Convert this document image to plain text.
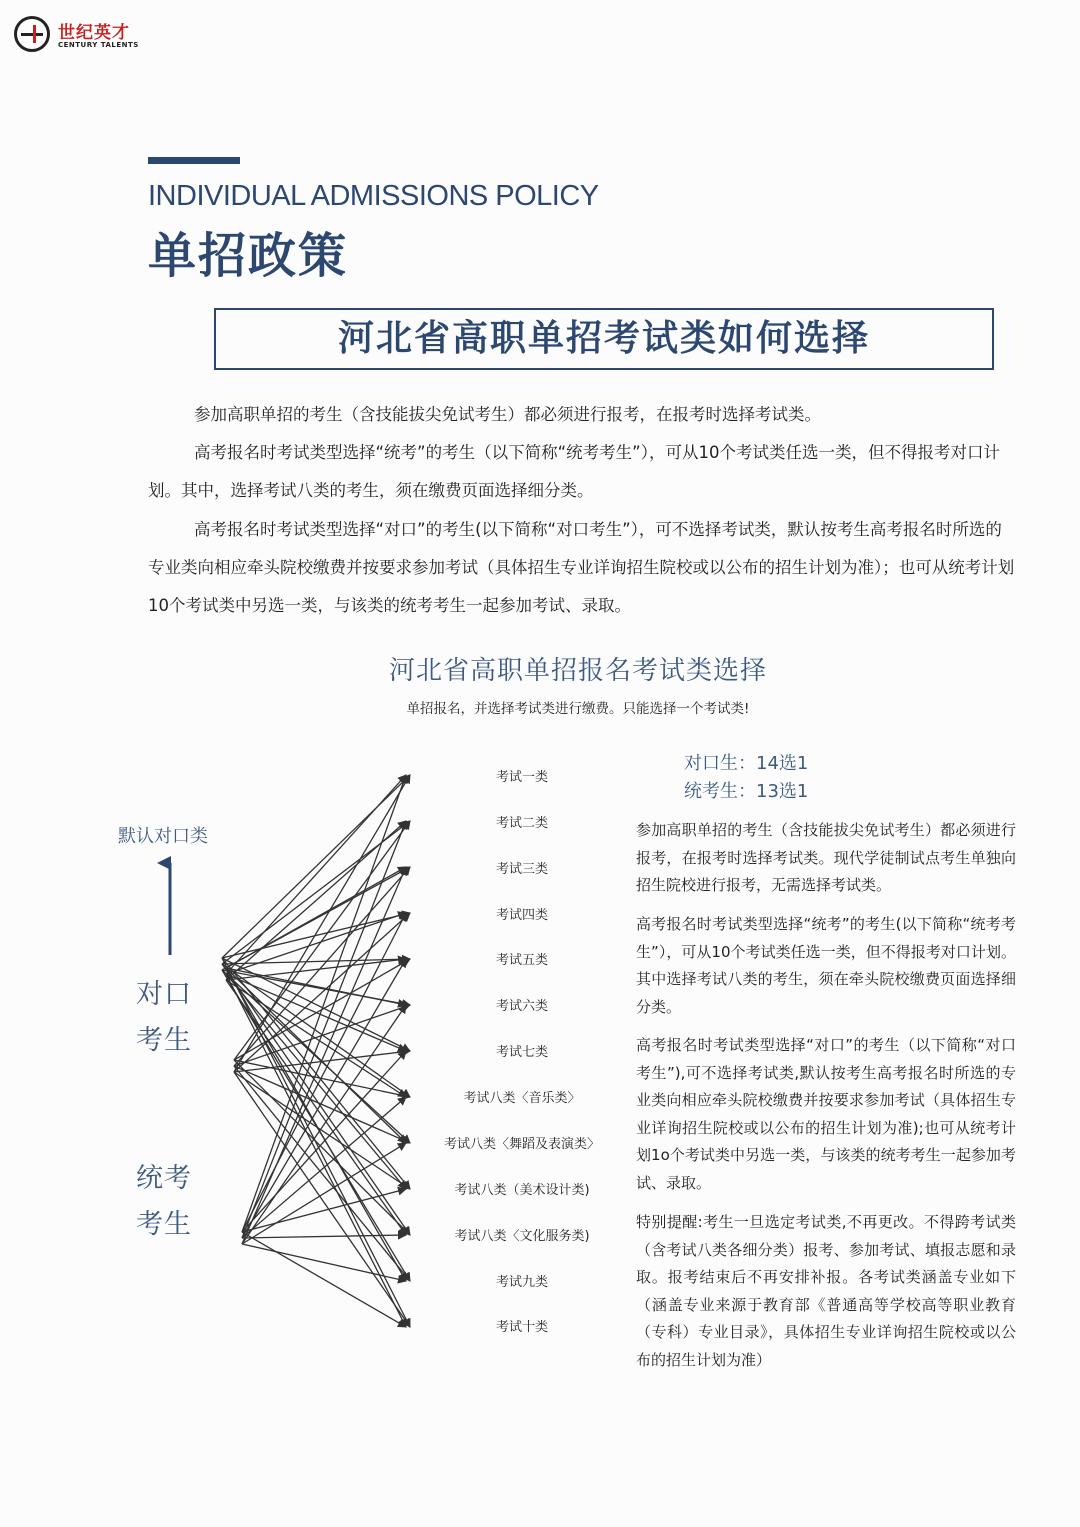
世纪英才
CENTURY TALENTS
INDIVIDUAL ADMISSIONS POLICY
单招政策
河北省高职单招考试类如何选择
参加高职单招的考生（含技能拔尖免试考生）都必须进行报考，在报考时选择考试类。
高考报名时考试类型选择“统考”的考生（以下简称“统考考生”），可从10个考试类任选一类，但不得报考对口计划。其中，选择考试八类的考生，须在缴费页面选择细分类。
高考报名时考试类型选择“对口”的考生(以下简称“对口考生”），可不选择考试类，默认按考生高考报名时所选的专业类向相应牵头院校缴费并按要求参加考试（具体招生专业详询招生院校或以公布的招生计划为准）；也可从统考计划10个考试类中另选一类，与该类的统考考生一起参加考试、录取。
河北省高职单招报名考试类选择
单招报名，并选择考试类进行缴费。只能选择一个考试类!
默认对口类
对口
考生
统考
考生
考试一类
考试二类
考试三类
考试四类
考试五类
考试六类
考试七类
考试八类〈音乐类〉
考试八类〈舞蹈及表演类〉
考试八类（美术设计类)
考试八类〈文化服务类)
考试九类
考试十类
对口生：14选1
统考生：13选1
参加高职单招的考生（含技能拔尖免试考生）都必须进行报考，在报考时选择考试类。现代学徒制试点考生单独向招生院校进行报考，无需选择考试类。
高考报名时考试类型选择“统考”的考生(以下简称“统考考生”），可从10个考试类任选一类，但不得报考对口计划。其中选择考试八类的考生，须在牵头院校缴费页面选择细分类。
高考报名时考试类型选择“对口”的考生（以下简称“对口考生”),可不选择考试类,默认按考生高考报名时所选的专业类向相应牵头院校缴费并按要求参加考试（具体招生专业详询招生院校或以公布的招生计划为准);也可从统考计划1o个考试类中另选一类，与该类的统考考生一起参加考试、录取。
特别提醒:考生一旦选定考试类,不再更改。不得跨考试类（含考试八类各细分类）报考、参加考试、填报志愿和录取。报考结束后不再安排补报。各考试类涵盖专业如下（涵盖专业来源于教育部《普通高等学校高等职业教育（专科）专业目录》，具体招生专业详询招生院校或以公布的招生计划为准）
